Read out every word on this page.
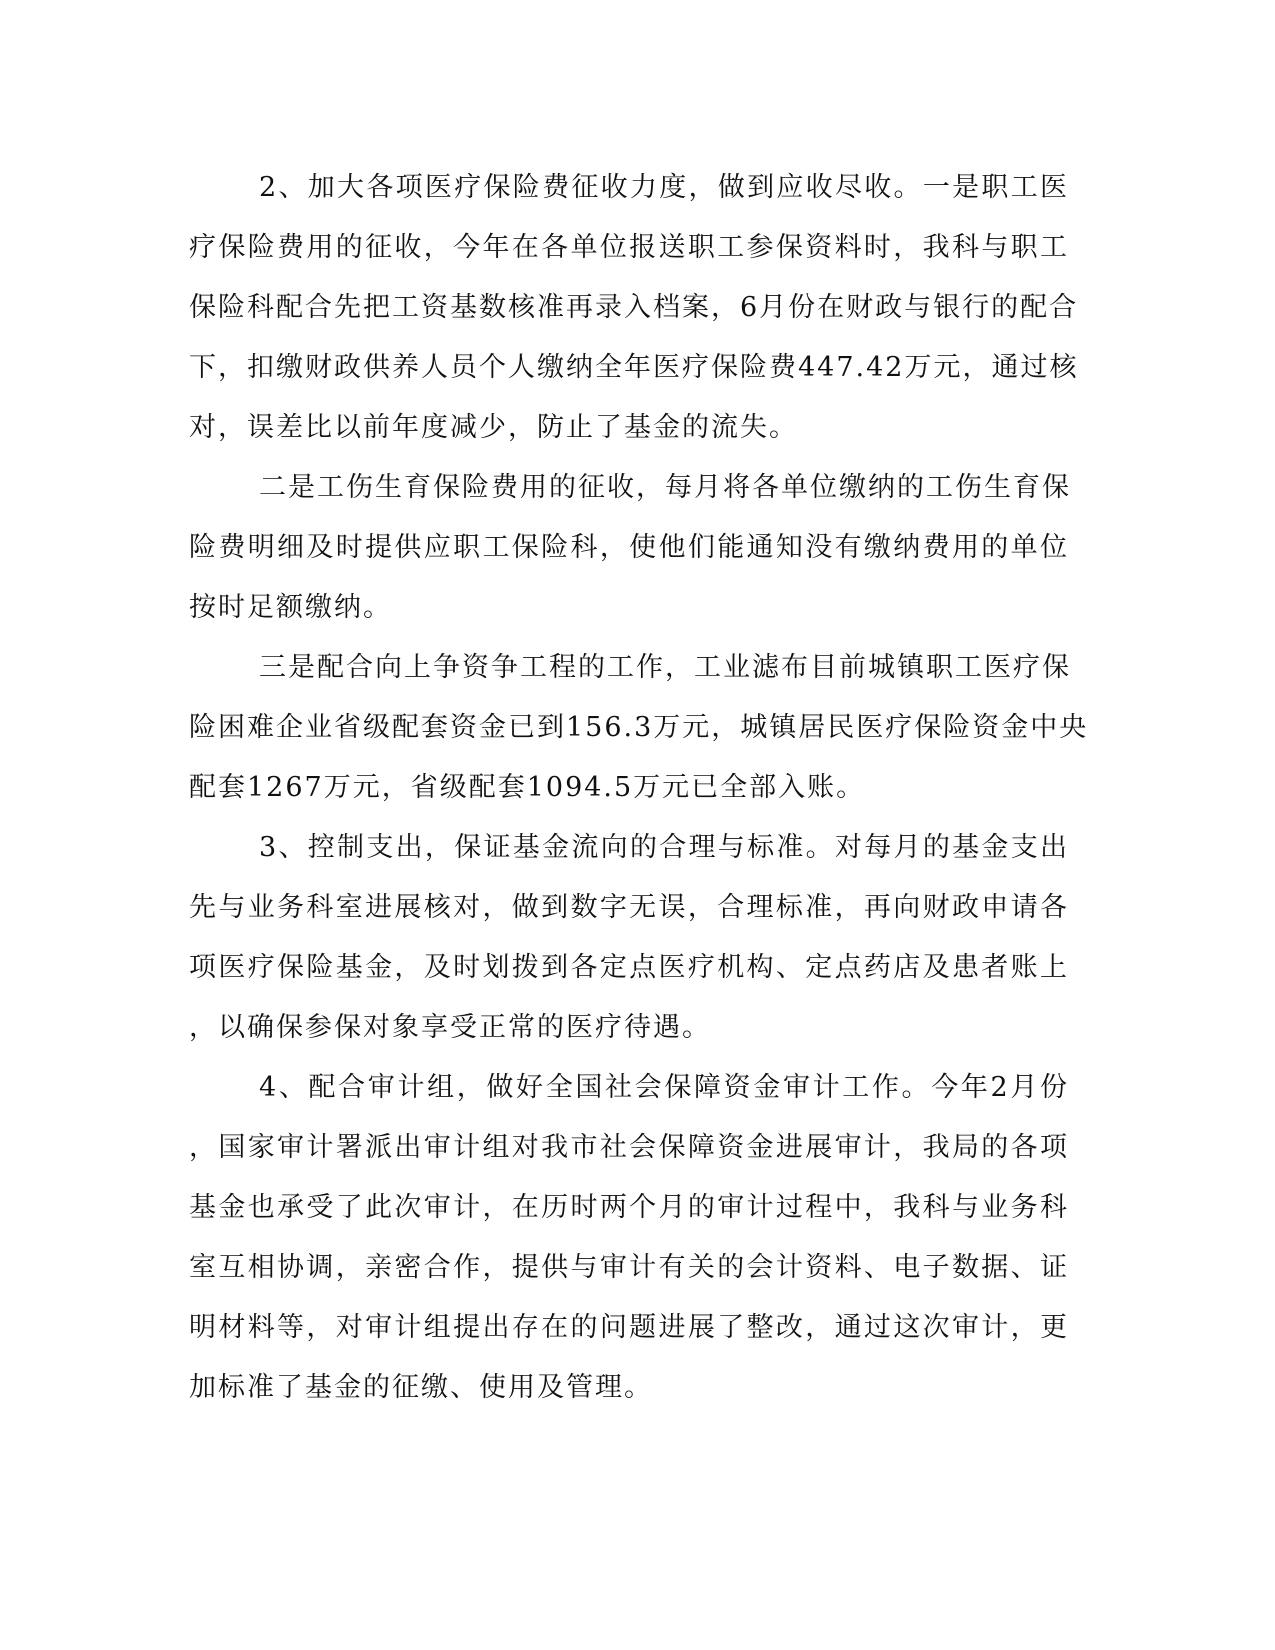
2、加大各项医疗保险费征收力度，做到应收尽收。一是职工医
疗保险费用的征收，今年在各单位报送职工参保资料时，我科与职工
保险科配合先把工资基数核准再录入档案，6月份在财政与银行的配合
下，扣缴财政供养人员个人缴纳全年医疗保险费447.42万元，通过核
对，误差比以前年度减少，防止了基金的流失。
二是工伤生育保险费用的征收，每月将各单位缴纳的工伤生育保
险费明细及时提供应职工保险科，使他们能通知没有缴纳费用的单位
按时足额缴纳。
三是配合向上争资争工程的工作，工业滤布目前城镇职工医疗保
险困难企业省级配套资金已到156.3万元，城镇居民医疗保险资金中央
配套1267万元，省级配套1094.5万元已全部入账。
3、控制支出，保证基金流向的合理与标准。对每月的基金支出
先与业务科室进展核对，做到数字无误，合理标准，再向财政申请各
项医疗保险基金，及时划拨到各定点医疗机构、定点药店及患者账上
，以确保参保对象享受正常的医疗待遇。
4、配合审计组，做好全国社会保障资金审计工作。今年2月份
，国家审计署派出审计组对我市社会保障资金进展审计，我局的各项
基金也承受了此次审计，在历时两个月的审计过程中，我科与业务科
室互相协调，亲密合作，提供与审计有关的会计资料、电子数据、证
明材料等，对审计组提出存在的问题进展了整改，通过这次审计，更
加标准了基金的征缴、使用及管理。
